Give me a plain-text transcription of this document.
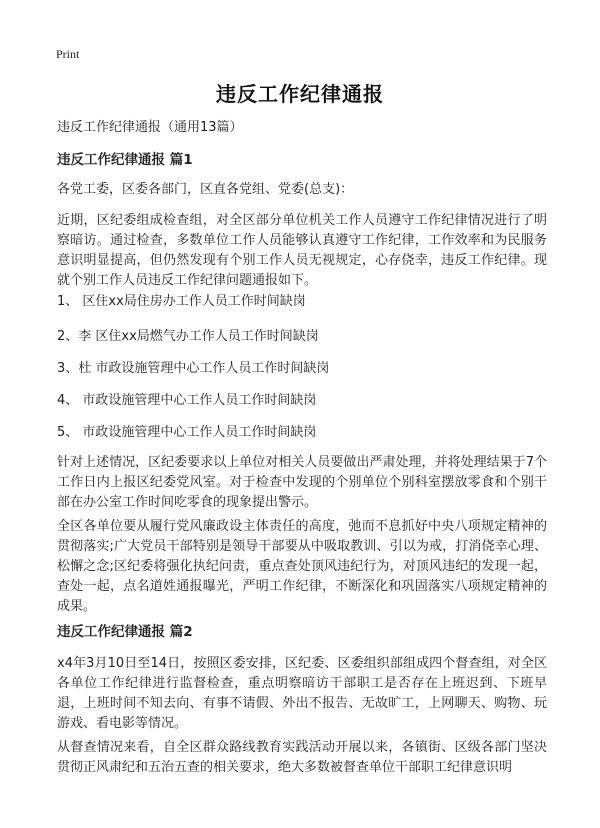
Print
违反工作纪律通报
违反工作纪律通报（通用13篇）
违反工作纪律通报 篇1
各党工委，区委各部门，区直各党组、党委(总支)：
近期，区纪委组成检查组，对全区部分单位机关工作人员遵守工作纪律情况进行了明察暗访。通过检查，多数单位工作人员能够认真遵守工作纪律，工作效率和为民服务意识明显提高，但仍然发现有个别工作人员无视规定，心存侥幸，违反工作纪律。现就个别工作人员违反工作纪律问题通报如下。
1、 区住xx局住房办工作人员工作时间缺岗
2、李 区住xx局燃气办工作人员工作时间缺岗
3、杜 市政设施管理中心工作人员工作时间缺岗
4、 市政设施管理中心工作人员工作时间缺岗
5、 市政设施管理中心工作人员工作时间缺岗
针对上述情况，区纪委要求以上单位对相关人员要做出严肃处理，并将处理结果于7个工作日内上报区纪委党风室。对于检查中发现的个别单位个别科室摆放零食和个别干部在办公室工作时间吃零食的现象提出警示。
全区各单位要从履行党风廉政设主体责任的高度，弛而不息抓好中央八项规定精神的贯彻落实;广大党员干部特别是领导干部要从中吸取教训、引以为戒，打消侥幸心理、松懈之念;区纪委将强化执纪问责，重点查处顶风违纪行为，对顶风违纪的发现一起，查处一起，点名道姓通报曝光，严明工作纪律，不断深化和巩固落实八项规定精神的成果。
违反工作纪律通报 篇2
x4年3月10日至14日，按照区委安排，区纪委、区委组织部组成四个督查组，对全区各单位工作纪律进行监督检查，重点明察暗访干部职工是否存在上班迟到、下班早退，上班时间不知去向、有事不请假、外出不报告、无故旷工，上网聊天、购物、玩游戏、看电影等情况。
从督查情况来看，自全区群众路线教育实践活动开展以来，各镇街、区级各部门坚决贯彻正风肃纪和五治五查的相关要求，绝大多数被督查单位干部职工纪律意识明
